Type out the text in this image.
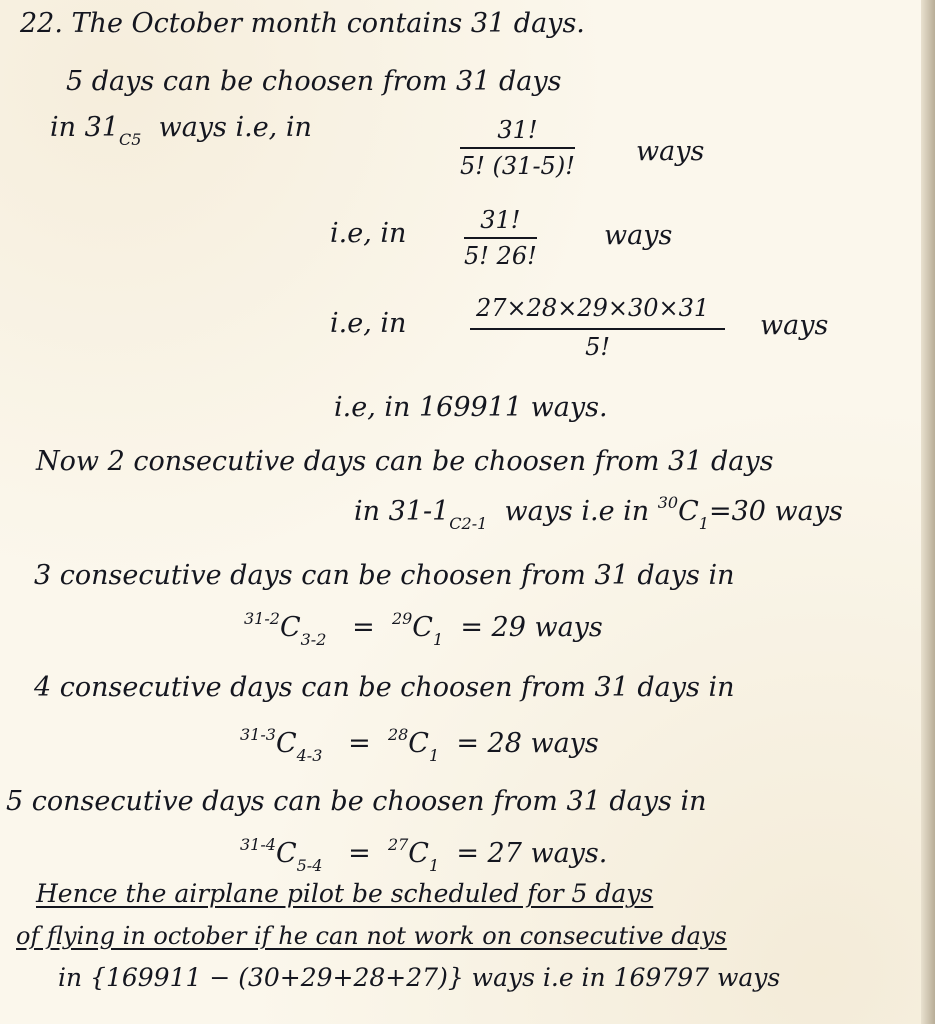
22. The October month contains 31 days.
5 days can be choosen from 31 days
in $31_{C5}$ ways i.e, in	$\frac{31!}{5! (31-5)!}$ ways
i.e, in $\frac{31!}{5! 26!}$ ways
i.e, in	$\frac{27\times 28\times 29\times 30\times 31}{5!}$ ways
i.e, in 169911 ways.
Now 2 consecutive days can be choosen from 31 days
in $31-1_{C2-1}$ ways i.e in $^{30}C_1=30$ ways
3 consecutive days can be choosen from 31 days in
$^{31-2}C_{3-2} = ^{29}C_1 = 29$ ways
4 consecutive days can be choosen from 31 days in
$^{31-3}C_{4-3} = ^{28}C_1 = 28$ ways
5 consecutive days can be choosen from 31 days in
$^{31-4}C_{5-4} = ^{27}C_1 = 27$ ways.
Hence the airplane pilot be scheduled for 5 days
of flying in october if he can not work on consecutive days
in {169911 − (30+29+28+27)} ways i.e in 169797 ways
